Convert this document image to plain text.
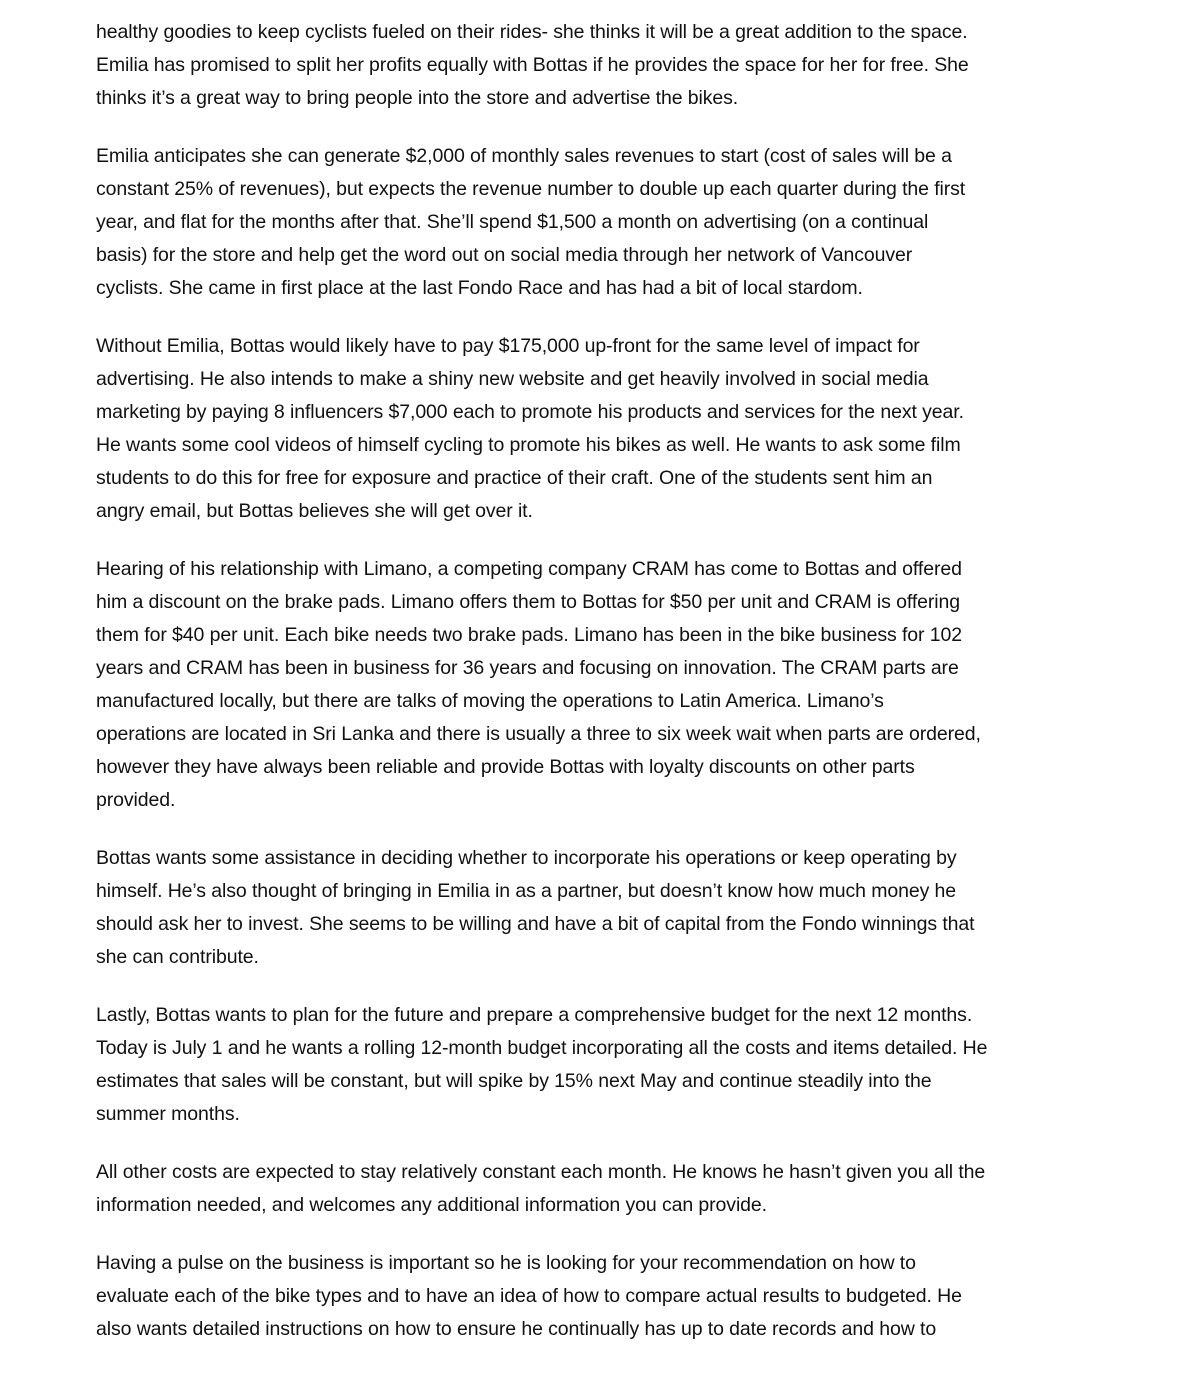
healthy goodies to keep cyclists fueled on their rides- she thinks it will be a great addition to the space.
Emilia has promised to split her profits equally with Bottas if he provides the space for her for free. She
thinks it’s a great way to bring people into the store and advertise the bikes.

Emilia anticipates she can generate $2,000 of monthly sales revenues to start (cost of sales will be a
constant 25% of revenues), but expects the revenue number to double up each quarter during the first
year, and flat for the months after that. She’ll spend $1,500 a month on advertising (on a continual
basis) for the store and help get the word out on social media through her network of Vancouver
cyclists. She came in first place at the last Fondo Race and has had a bit of local stardom.

Without Emilia, Bottas would likely have to pay $175,000 up-front for the same level of impact for
advertising. He also intends to make a shiny new website and get heavily involved in social media
marketing by paying 8 influencers $7,000 each to promote his products and services for the next year.
He wants some cool videos of himself cycling to promote his bikes as well. He wants to ask some film
students to do this for free for exposure and practice of their craft. One of the students sent him an
angry email, but Bottas believes she will get over it.

Hearing of his relationship with Limano, a competing company CRAM has come to Bottas and offered
him a discount on the brake pads. Limano offers them to Bottas for $50 per unit and CRAM is offering
them for $40 per unit. Each bike needs two brake pads. Limano has been in the bike business for 102
years and CRAM has been in business for 36 years and focusing on innovation. The CRAM parts are
manufactured locally, but there are talks of moving the operations to Latin America. Limano’s
operations are located in Sri Lanka and there is usually a three to six week wait when parts are ordered,
however they have always been reliable and provide Bottas with loyalty discounts on other parts
provided.

Bottas wants some assistance in deciding whether to incorporate his operations or keep operating by
himself. He’s also thought of bringing in Emilia in as a partner, but doesn’t know how much money he
should ask her to invest. She seems to be willing and have a bit of capital from the Fondo winnings that
she can contribute.

Lastly, Bottas wants to plan for the future and prepare a comprehensive budget for the next 12 months.
Today is July 1 and he wants a rolling 12-month budget incorporating all the costs and items detailed. He
estimates that sales will be constant, but will spike by 15% next May and continue steadily into the
summer months.

All other costs are expected to stay relatively constant each month. He knows he hasn’t given you all the
information needed, and welcomes any additional information you can provide.

Having a pulse on the business is important so he is looking for your recommendation on how to
evaluate each of the bike types and to have an idea of how to compare actual results to budgeted. He
also wants detailed instructions on how to ensure he continually has up to date records and how to
